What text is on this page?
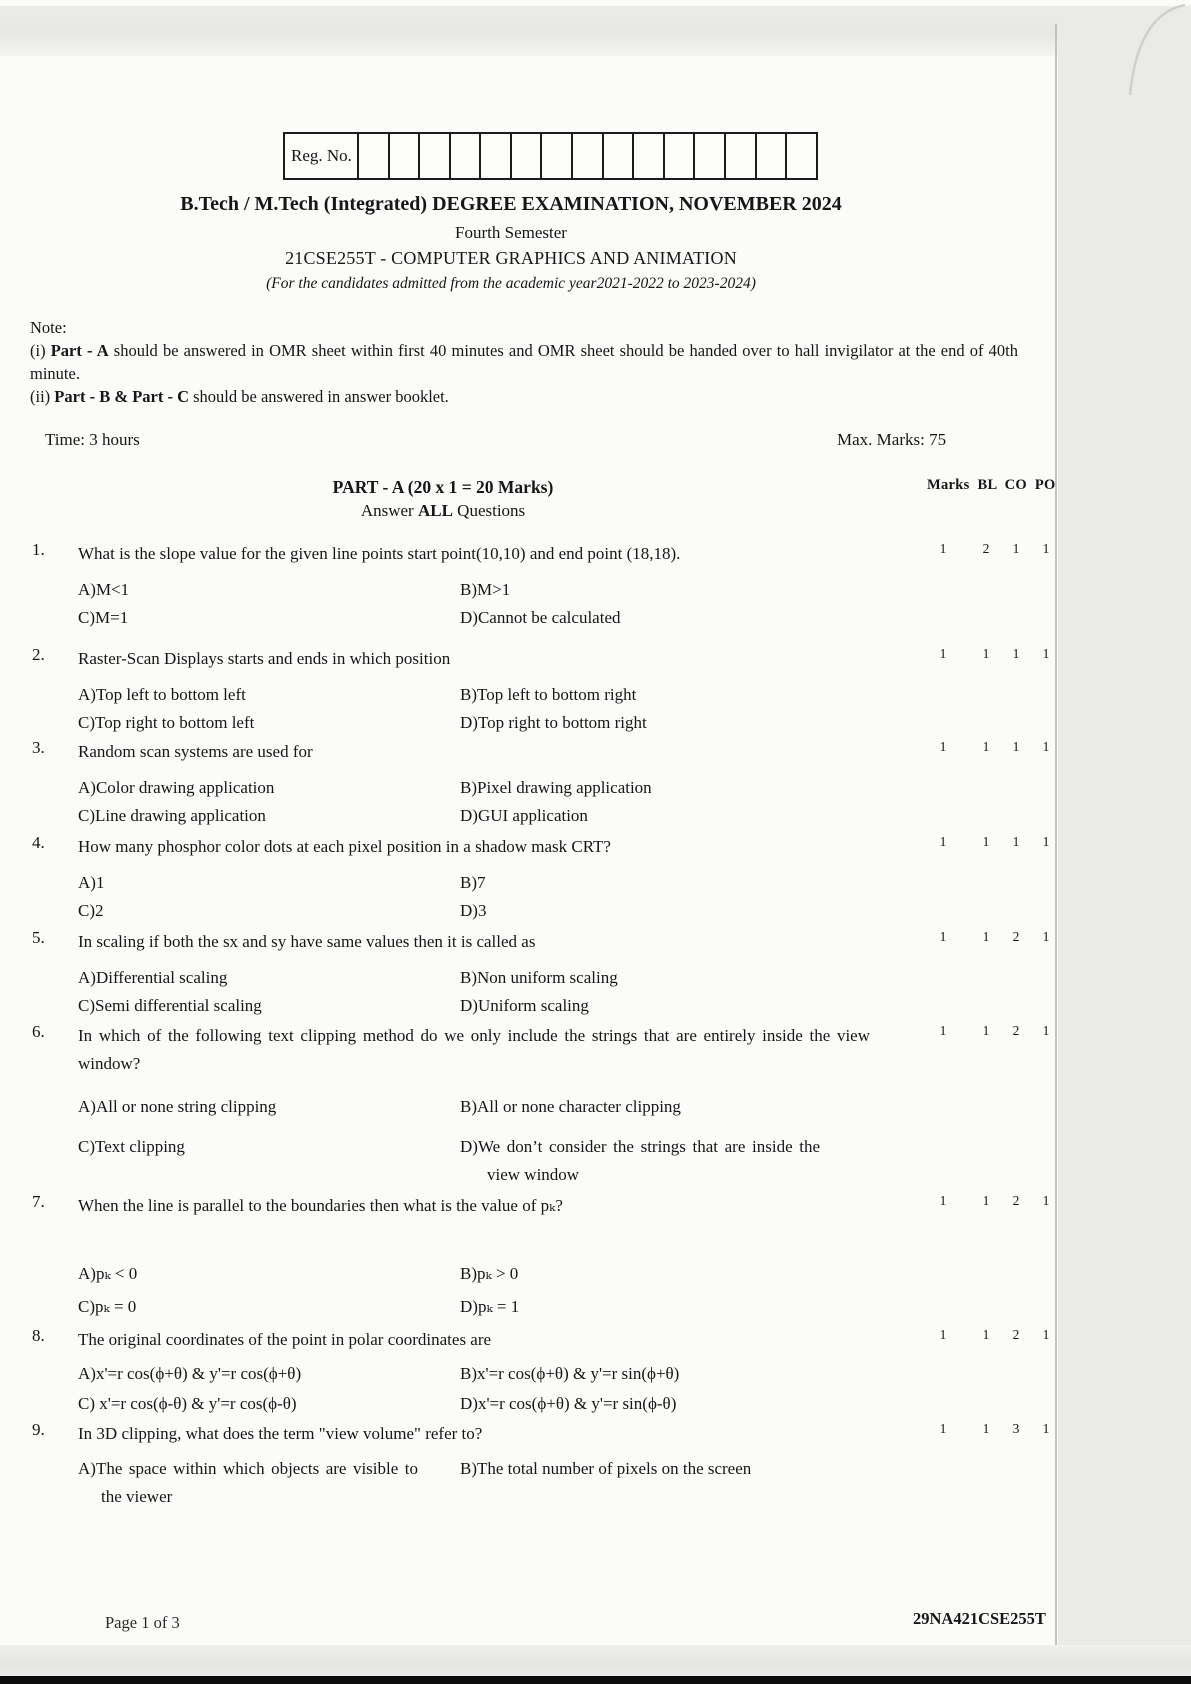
Reg. No.
B.Tech / M.Tech (Integrated) DEGREE EXAMINATION, NOVEMBER 2024
Fourth Semester
21CSE255T - COMPUTER GRAPHICS AND ANIMATION
(For the candidates admitted from the academic year2021-2022 to 2023-2024)
Note:
(i) Part - A should be answered in OMR sheet within first 40 minutes and OMR sheet should be handed over to hall invigilator at the end of 40th minute.
(ii) Part - B & Part - C should be answered in answer booklet.
Time: 3 hours	Max. Marks: 75
PART - A (20 x 1 = 20 Marks)
Answer ALL Questions
Marks BL CO PO
1. What is the slope value for the given line points start point(10,10) and end point (18,18).	1	2	1	1
A)M<1	B)M>1
C)M=1	D)Cannot be calculated
2. Raster-Scan Displays starts and ends in which position	1	1	1	1
A)Top left to bottom left	B)Top left to bottom right
C)Top right to bottom left	D)Top right to bottom right
3. Random scan systems are used for	1	1	1	1
A)Color drawing application	B)Pixel drawing application
C)Line drawing application	D)GUI application
4. How many phosphor color dots at each pixel position in a shadow mask CRT?	1	1	1	1
A)1	B)7
C)2	D)3
5. In scaling if both the sx and sy have same values then it is called as	1	1	2	1
A)Differential scaling	B)Non uniform scaling
C)Semi differential scaling	D)Uniform scaling
6. In which of the following text clipping method do we only include the strings that are entirely inside the view window?
1	1	2	1
A)All or none string clipping	B)All or none character clipping
C)Text clipping	D)We don’t consider the strings that are inside the view window
7. When the line is parallel to the boundaries then what is the value of pₖ?	1	1	2	1
A)pₖ < 0	B)pₖ > 0
C)pₖ = 0	D)pₖ = 1
8. The original coordinates of the point in polar coordinates are	1	1	2	1
A)x'=r cos(ϕ+θ) & y'=r cos(ϕ+θ)	B)x'=r cos(ϕ+θ) & y'=r sin(ϕ+θ)
C) x'=r cos(ϕ-θ) & y'=r cos(ϕ-θ)	D)x'=r cos(ϕ+θ) & y'=r sin(ϕ-θ)
9. In 3D clipping, what does the term "view volume" refer to?	1	1	3	1
A)The space within which objects are visible to the viewer
B)The total number of pixels on the screen
Page 1 of 3	29NA421CSE255T
